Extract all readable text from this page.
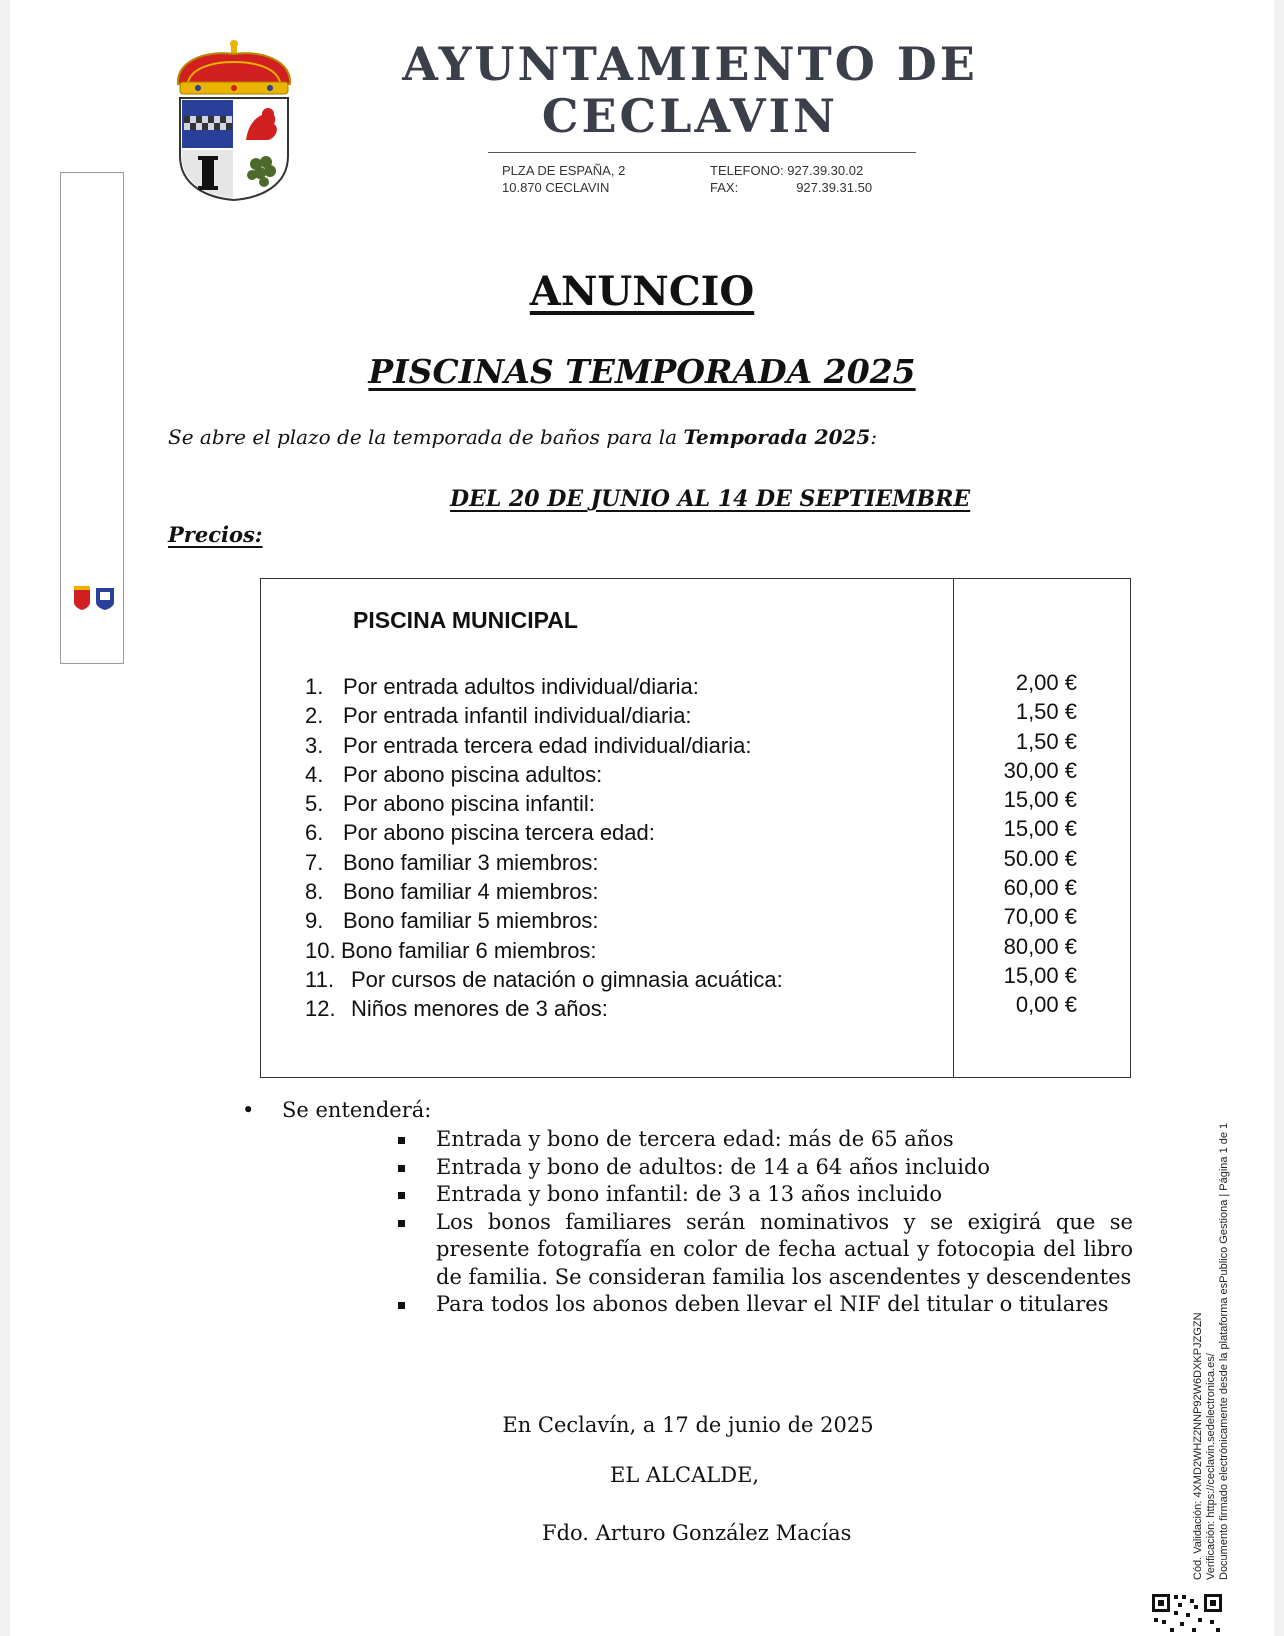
AYUNTAMIENTO DE
CECLAVIN
PLZA DE ESPAÑA, 2
10.870 CECLAVIN
TELEFONO: 927.39.30.02
FAX:	927.39.31.50
ANUNCIO
PISCINAS TEMPORADA 2025
Se abre el plazo de la temporada de baños para la Temporada 2025:
DEL 20 DE JUNIO AL 14 DE SEPTIEMBRE
Precios:
PISCINA MUNICIPAL
1. Por entrada adultos individual/diaria:	2,00 €
2. Por entrada infantil individual/diaria:	1,50 €
3. Por entrada tercera edad individual/diaria:	1,50 €
4. Por abono piscina adultos:	30,00 €
5. Por abono piscina infantil:	15,00 €
6. Por abono piscina tercera edad:	15,00 €
7. Bono familiar 3 miembros:	50.00 €
8. Bono familiar 4 miembros:	60,00 €
9. Bono familiar 5 miembros:	70,00 €
10. Bono familiar 6 miembros:	80,00 €
11. Por cursos de natación o gimnasia acuática:	15,00 €
12. Niños menores de 3 años:	0,00 €
• Se entenderá:
Entrada y bono de tercera edad: más de 65 años
Entrada y bono de adultos: de 14 a 64 años incluido
Entrada y bono infantil: de 3 a 13 años incluido
Los bonos familiares serán nominativos y se exigirá que se presente fotografía en color de fecha actual y fotocopia del libro de familia. Se consideran familia los ascendentes y descendentes
Para todos los abonos deben llevar el NIF del titular o titulares
En Ceclavín, a 17 de junio de 2025
EL ALCALDE,
Fdo. Arturo González Macías	Cód. Validación: 4XMD2WHZ2NNP92W6DXKPJZGZN Verificación: https://ceclavin.sedelectronica.es/ Documento firmado electrónicamente desde la plataforma esPublico Gestiona | Página 1 de 1
